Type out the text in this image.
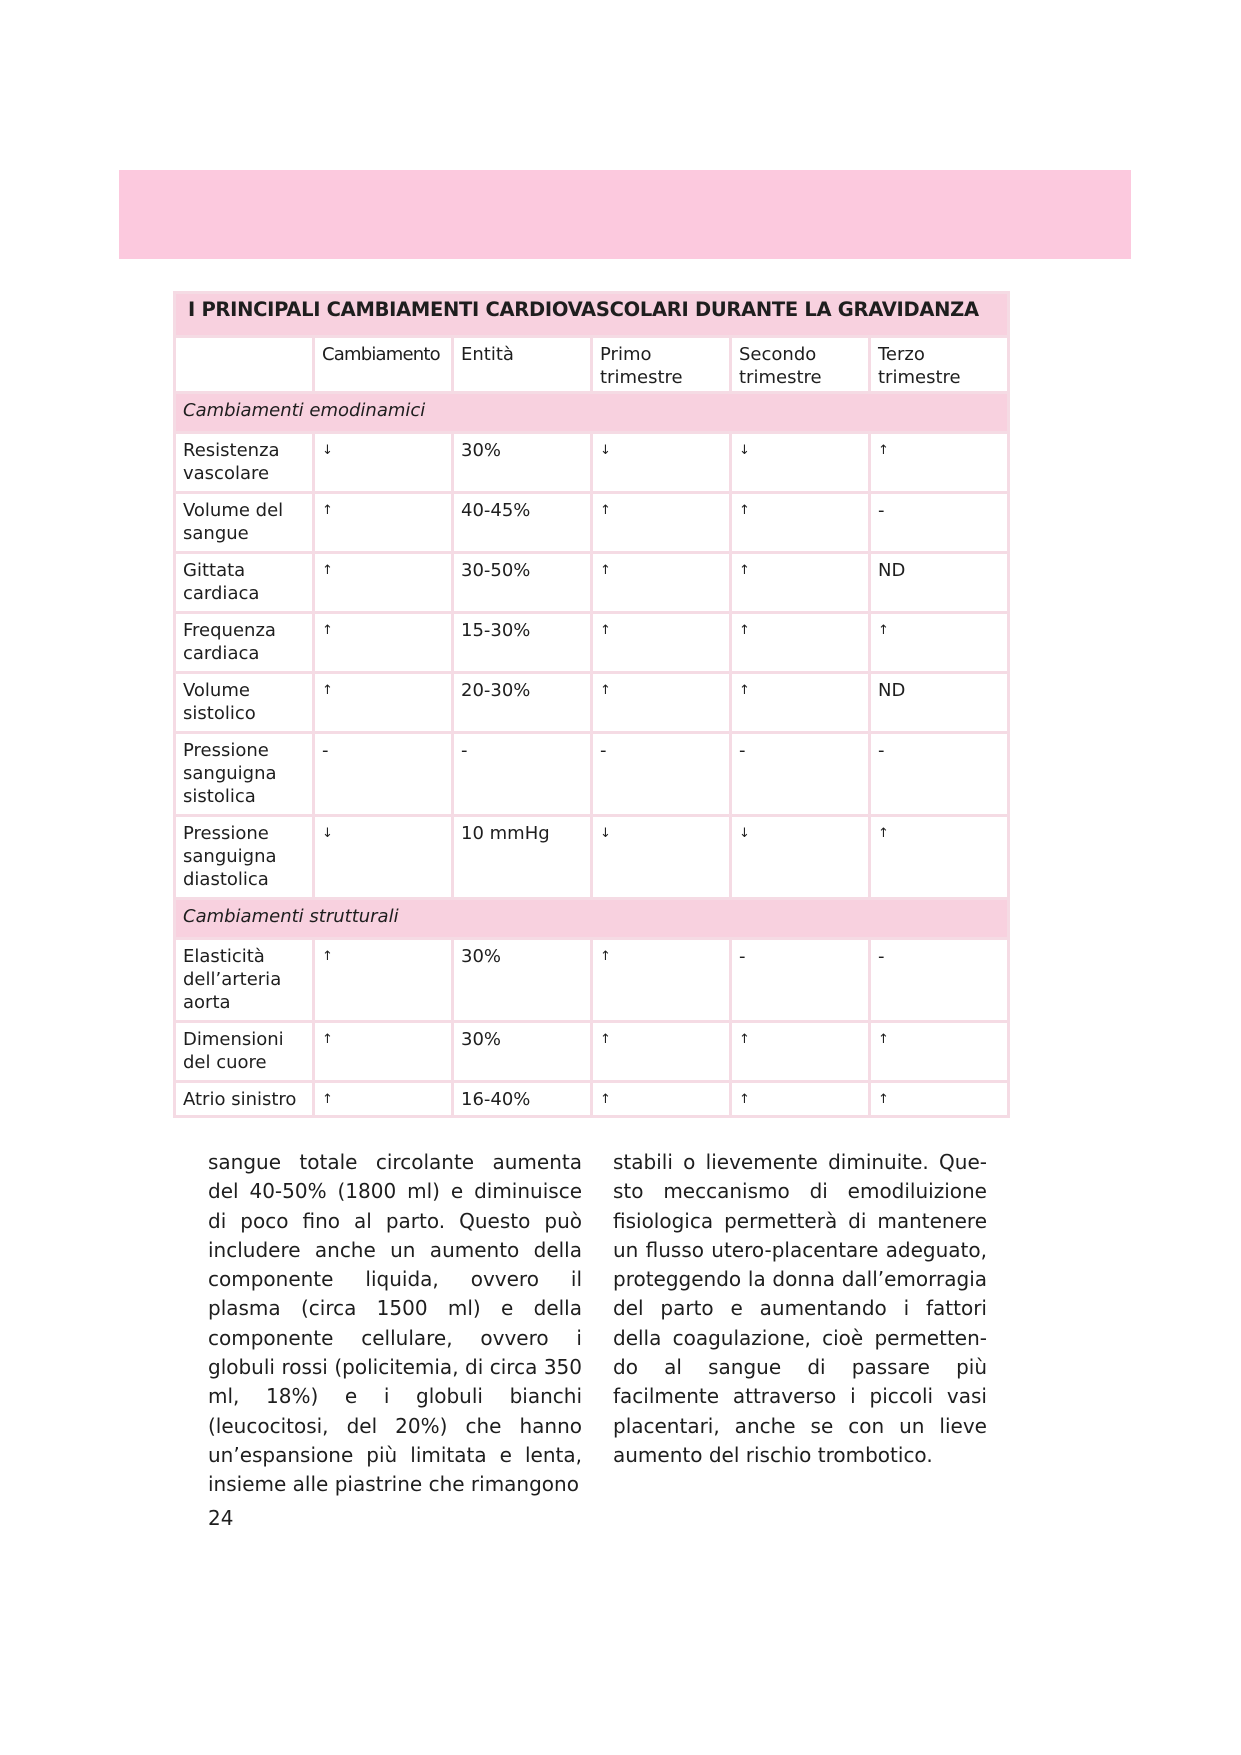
I PRINCIPALI CAMBIAMENTI CARDIOVASCOLARI DURANTE LA GRAVIDANZA					
	Cambiamento	Entità	Primo trimestre	Secondo trimestre	Terzo trimestre
Cambiamenti emodinamici					
Resistenza vascolare	↓	30%	↓	↓	↑
Volume del sangue	↑	40-45%	↑	↑	-
Gittata cardiaca	↑	30-50%	↑	↑	ND
Frequenza cardiaca	↑	15-30%	↑	↑	↑
Volume sistolico	↑	20-30%	↑	↑	ND
Pressione sanguigna sistolica	-	-	-	-	-
Pressione sanguigna diastolica	↓	10 mmHg	↓	↓	↑
Cambiamenti strutturali					
Elasticità dell’arteria aorta	↑	30%	↑	-	-
Dimensioni del cuore	↑	30%	↑	↑	↑
Atrio sinistro	↑	16-40%	↑	↑	↑
sangue totale circolante aumenta del 40-50% (1800 ml) e diminuisce di poco fino al parto. Questo può includere anche un aumento della componente liquida, ovvero il plasma (circa 1500 ml) e della componente cellulare, ovvero i globuli rossi (policitemia, di circa 350 ml, 18%) e i globuli bianchi (leucocitosi, del 20%) che hanno un’espansione più limitata e lenta, insieme alle piastrine che rimangono
stabili o lievemente diminuite. Questo meccanismo di emodiluizione fisiologica permetterà di mantenere un flusso utero-placentare adeguato, proteggendo la donna dall’emorragia del parto e aumentando i fattori della coagulazione, cioè permettendo al sangue di passare più facilmente attraverso i piccoli vasi placentari, anche se con un lieve aumento del rischio trombotico.
24
